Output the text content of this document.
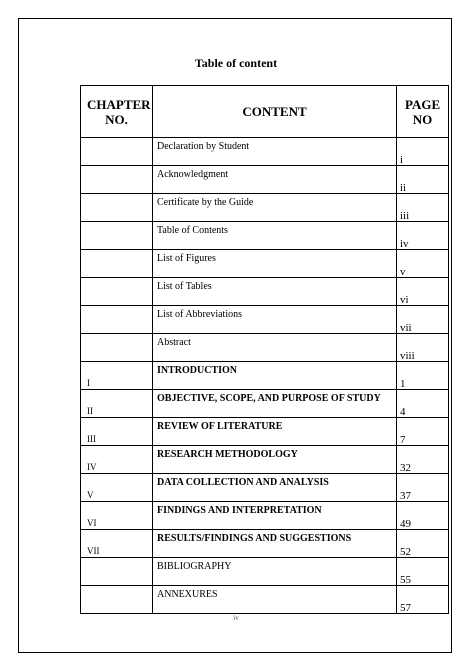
Table of content
CHAPTER NO.	CONTENT	PAGE NO

	Declaration by Student	i

	Acknowledgment	ii

	Certificate by the Guide	iii

	Table of Contents	iv

	List of Figures	v

	List of Tables	vi

	List of Abbreviations	vii

	Abstract	viii

I	INTRODUCTION	1

II	OBJECTIVE, SCOPE, AND PURPOSE OF STUDY	4

III	REVIEW OF LITERATURE	7

IV	RESEARCH METHODOLOGY	32

V	DATA COLLECTION AND ANALYSIS	37

VI	FINDINGS AND INTERPRETATION	49

VII	RESULTS/FINDINGS AND SUGGESTIONS	52

	BIBLIOGRAPHY	55

	ANNEXURES	57
iv
